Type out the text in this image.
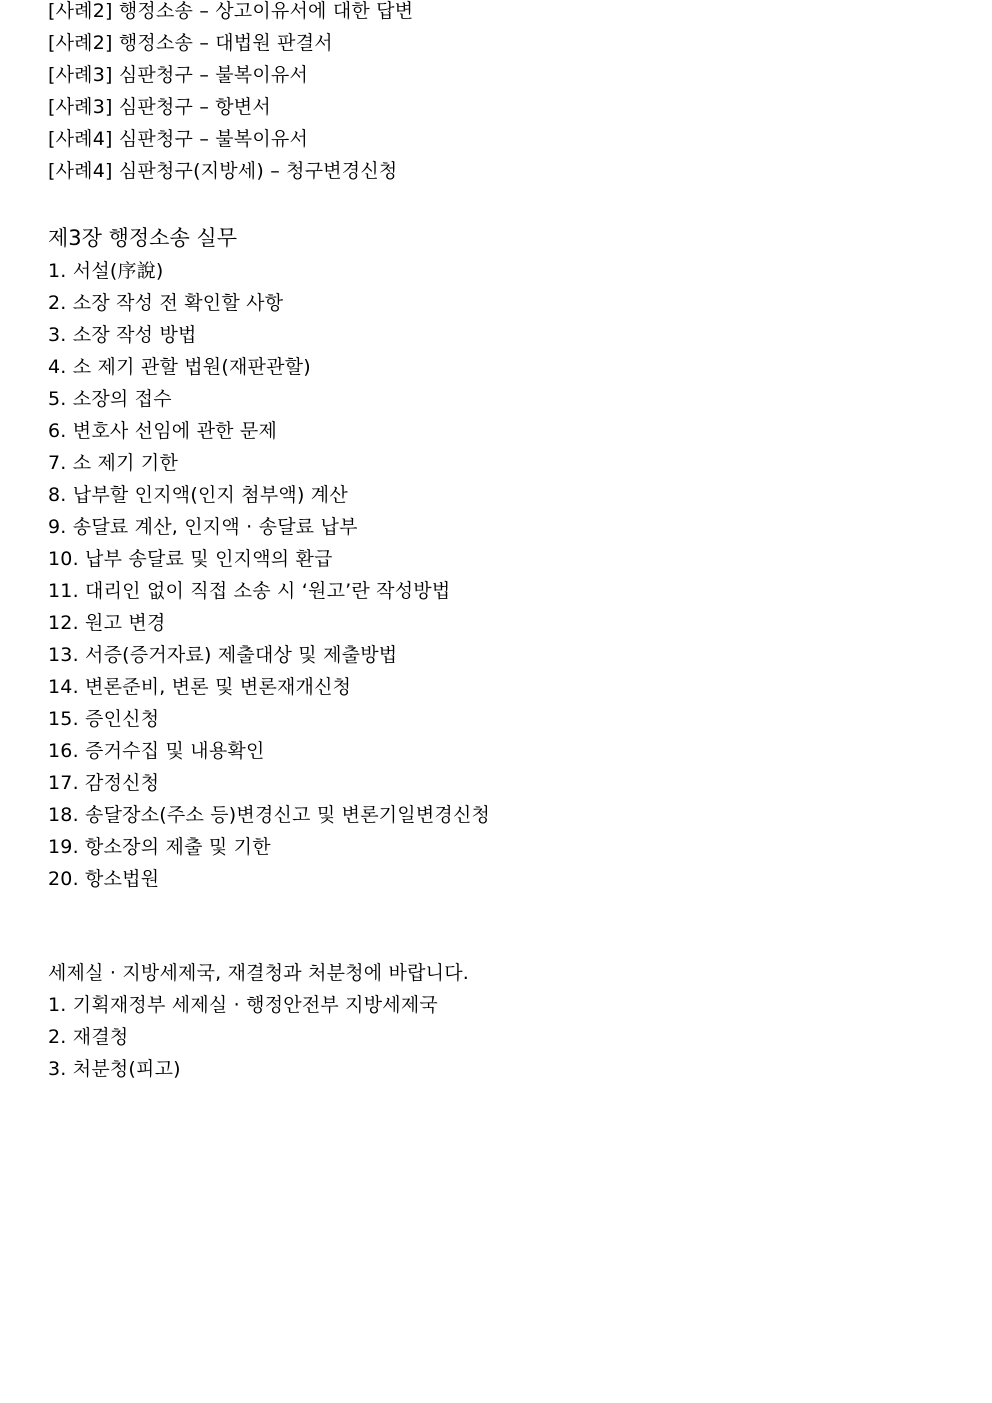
[사례2] 행정소송 – 상고이유서에 대한 답변
[사례2] 행정소송 – 대법원 판결서
[사례3] 심판청구 – 불복이유서
[사례3] 심판청구 – 항변서
[사례4] 심판청구 – 불복이유서
[사례4] 심판청구(지방세) – 청구변경신청
제3장 행정소송 실무
1. 서설(序說)
2. 소장 작성 전 확인할 사항
3. 소장 작성 방법
4. 소 제기 관할 법원(재판관할)
5. 소장의 접수
6. 변호사 선임에 관한 문제
7. 소 제기 기한
8. 납부할 인지액(인지 첨부액) 계산
9. 송달료 계산, 인지액 · 송달료 납부
10. 납부 송달료 및 인지액의 환급
11. 대리인 없이 직접 소송 시 ‘원고’란 작성방법
12. 원고 변경
13. 서증(증거자료) 제출대상 및 제출방법
14. 변론준비, 변론 및 변론재개신청
15. 증인신청
16. 증거수집 및 내용확인
17. 감정신청
18. 송달장소(주소 등)변경신고 및 변론기일변경신청
19. 항소장의 제출 및 기한
20. 항소법원
세제실 · 지방세제국, 재결청과 처분청에 바랍니다.
1. 기획재정부 세제실 · 행정안전부 지방세제국
2. 재결청
3. 처분청(피고)
